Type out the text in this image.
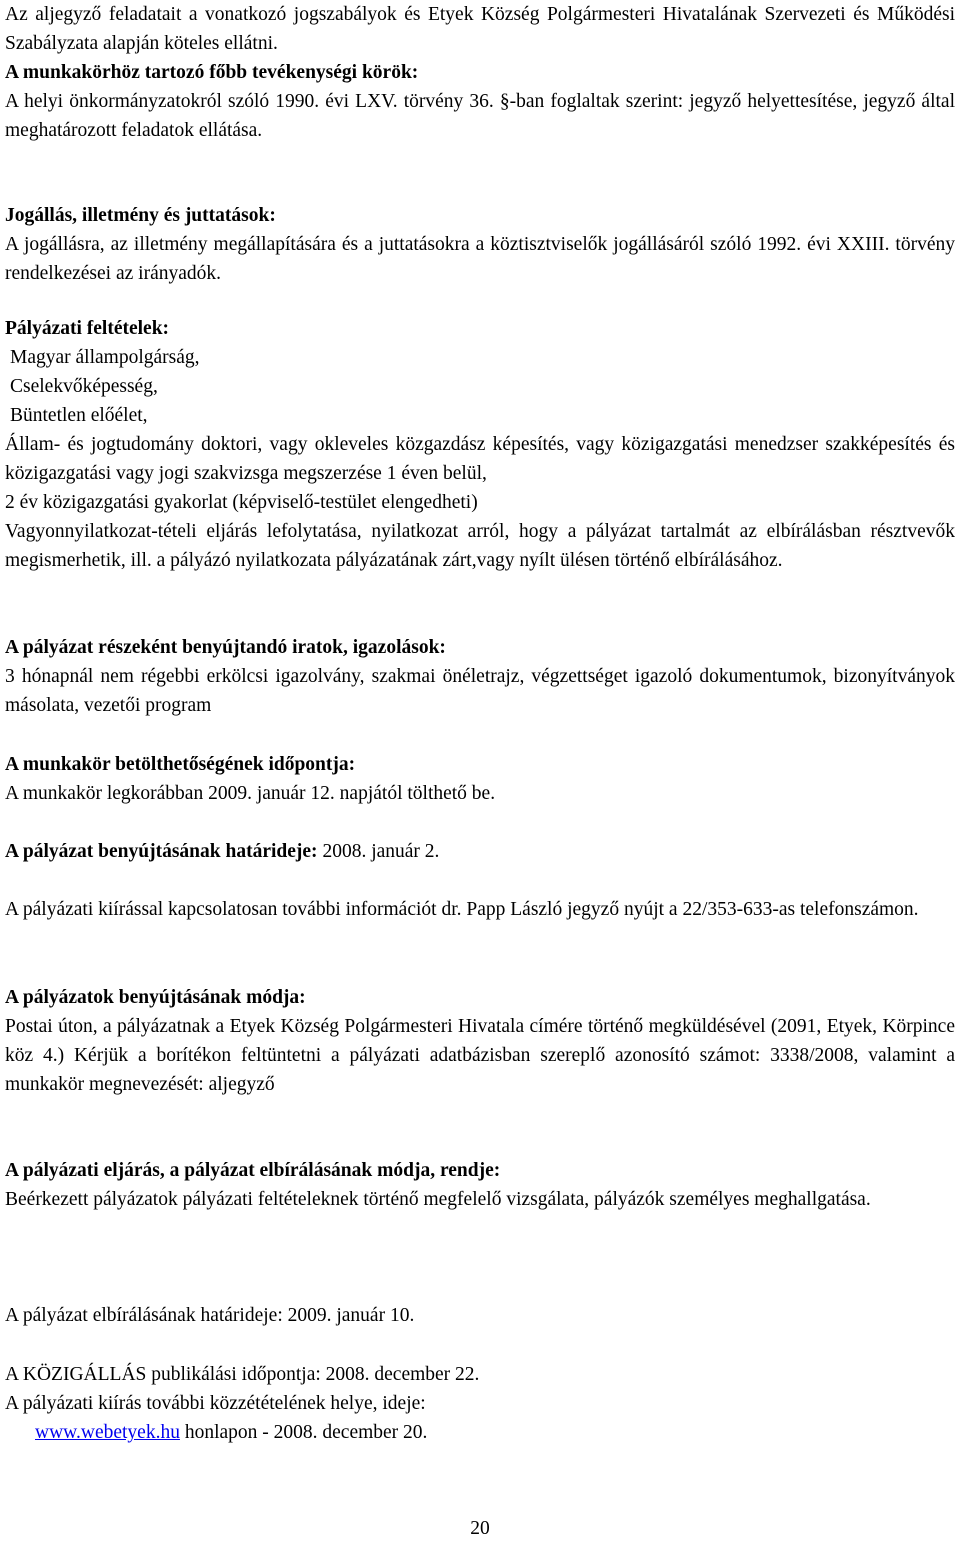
Az aljegyző feladatait a vonatkozó jogszabályok és Etyek Község Polgármesteri Hivatalának Szervezeti és Működési Szabályzata alapján köteles ellátni.

A munkakörhöz tartozó főbb tevékenységi körök:

A helyi önkormányzatokról szóló 1990. évi LXV. törvény 36. §-ban foglaltak szerint: jegyző helyettesítése, jegyző által meghatározott feladatok ellátása.

Jogállás, illetmény és juttatások:

A jogállásra, az illetmény megállapítására és a juttatásokra a köztisztviselők jogállásáról szóló 1992. évi XXIII. törvény rendelkezései az irányadók.

Pályázati feltételek:

Magyar állampolgárság,

Cselekvőképesség,

Büntetlen előélet,

Állam- és jogtudomány doktori, vagy okleveles közgazdász képesítés, vagy közigazgatási menedzser szakképesítés és közigazgatási vagy jogi szakvizsga megszerzése 1 éven belül,

2 év közigazgatási gyakorlat (képviselő-testület elengedheti)

Vagyonnyilatkozat-tételi eljárás lefolytatása, nyilatkozat arról, hogy a pályázat tartalmát az elbírálásban résztvevők megismerhetik, ill. a pályázó nyilatkozata pályázatának zárt,vagy nyílt ülésen történő elbírálásához.

A pályázat részeként benyújtandó iratok, igazolások:

3 hónapnál nem régebbi erkölcsi igazolvány, szakmai önéletrajz, végzettséget igazoló dokumentumok, bizonyítványok másolata, vezetői program

A munkakör betölthetőségének időpontja:

A munkakör legkorábban 2009. január 12. napjától tölthető be.

A pályázat benyújtásának határideje: 2008. január 2.

A pályázati kiírással kapcsolatosan további információt dr. Papp László jegyző nyújt a 22/353-633-as telefonszámon.

A pályázatok benyújtásának módja:

Postai úton, a pályázatnak a Etyek Község Polgármesteri Hivatala címére történő megküldésével (2091, Etyek, Körpince köz 4.) Kérjük a borítékon feltüntetni a pályázati adatbázisban szereplő azonosító számot: 3338/2008, valamint a munkakör megnevezését: aljegyző

A pályázati eljárás, a pályázat elbírálásának módja, rendje:

Beérkezett pályázatok pályázati feltételeknek történő megfelelő vizsgálata, pályázók személyes meghallgatása.

A pályázat elbírálásának határideje: 2009. január 10.

A KÖZIGÁLLÁS publikálási időpontja: 2008. december 22.

A pályázati kiírás további közzétételének helye, ideje:

www.webetyek.hu honlapon - 2008. december 20.

20
